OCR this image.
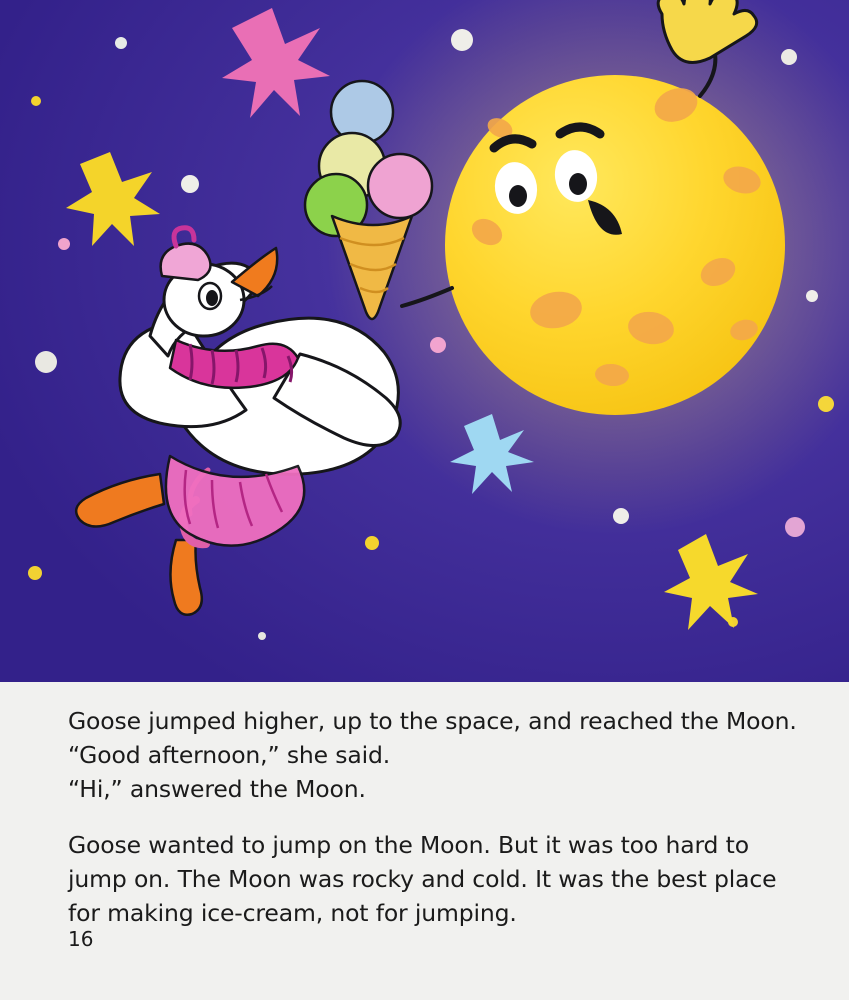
Goose jumped higher, up to the space, and reached the Moon.
“Good afternoon,” she said.
“Hi,” answered the Moon.

Goose wanted to jump on the Moon. But it was too hard to
jump on. The Moon was rocky and cold. It was the best place
for making ice-cream, not for jumping.

16
